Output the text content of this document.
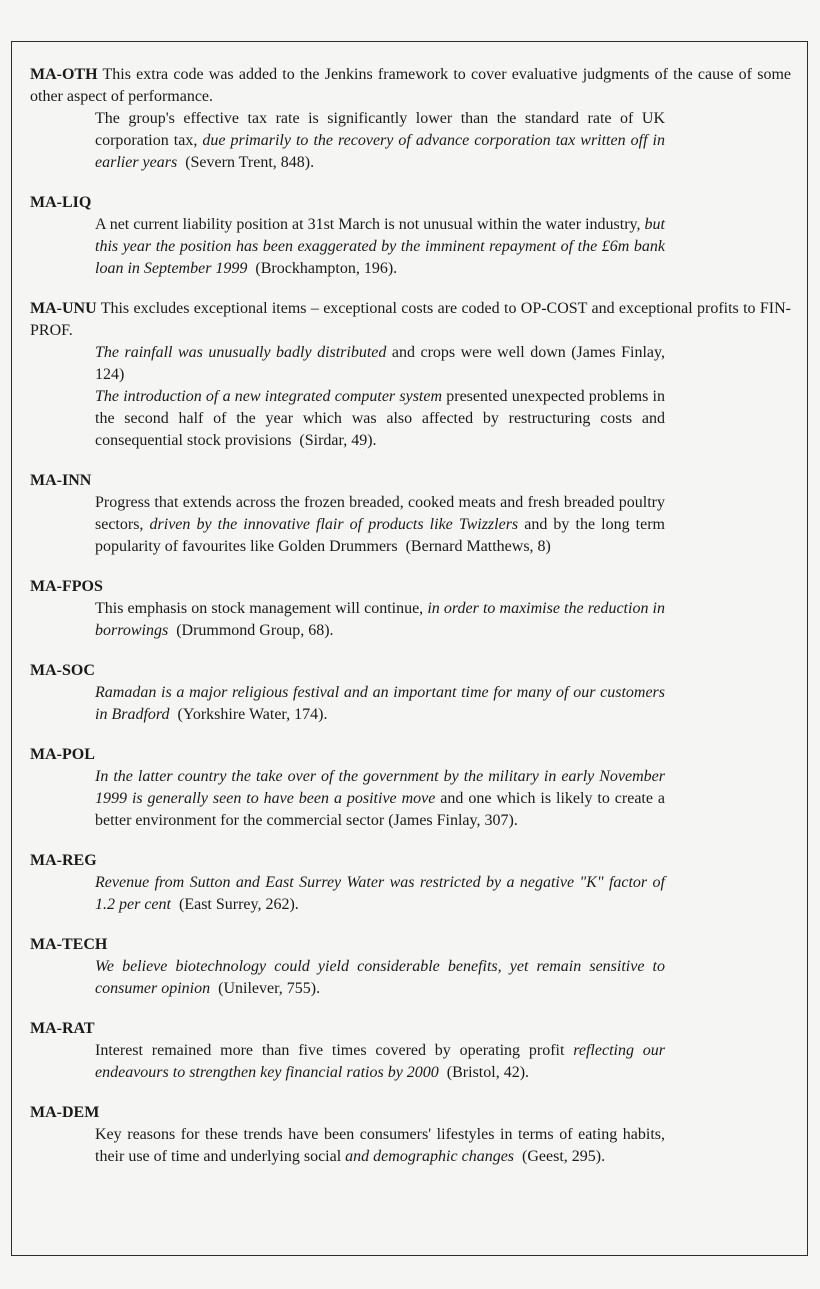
MA-OTH This extra code was added to the Jenkins framework to cover evaluative judgments of the cause of some other aspect of performance.

The group's effective tax rate is significantly lower than the standard rate of UK corporation tax, due primarily to the recovery of advance corporation tax written off in earlier years (Severn Trent, 848).

MA-LIQ

A net current liability position at 31st March is not unusual within the water industry, but this year the position has been exaggerated by the imminent repayment of the £6m bank loan in September 1999 (Brockhampton, 196).

MA-UNU This excludes exceptional items – exceptional costs are coded to OP-COST and exceptional profits to FIN-PROF.

The rainfall was unusually badly distributed and crops were well down (James Finlay, 124)

The introduction of a new integrated computer system presented unexpected problems in the second half of the year which was also affected by restructuring costs and consequential stock provisions (Sirdar, 49).

MA-INN

Progress that extends across the frozen breaded, cooked meats and fresh breaded poultry sectors, driven by the innovative flair of products like Twizzlers and by the long term popularity of favourites like Golden Drummers (Bernard Matthews, 8)

MA-FPOS

This emphasis on stock management will continue, in order to maximise the reduction in borrowings (Drummond Group, 68).

MA-SOC

Ramadan is a major religious festival and an important time for many of our customers in Bradford (Yorkshire Water, 174).

MA-POL

In the latter country the take over of the government by the military in early November 1999 is generally seen to have been a positive move and one which is likely to create a better environment for the commercial sector (James Finlay, 307).

MA-REG

Revenue from Sutton and East Surrey Water was restricted by a negative "K" factor of 1.2 per cent (East Surrey, 262).

MA-TECH

We believe biotechnology could yield considerable benefits, yet remain sensitive to consumer opinion (Unilever, 755).

MA-RAT

Interest remained more than five times covered by operating profit reflecting our endeavours to strengthen key financial ratios by 2000 (Bristol, 42).

MA-DEM

Key reasons for these trends have been consumers' lifestyles in terms of eating habits, their use of time and underlying social and demographic changes (Geest, 295).
